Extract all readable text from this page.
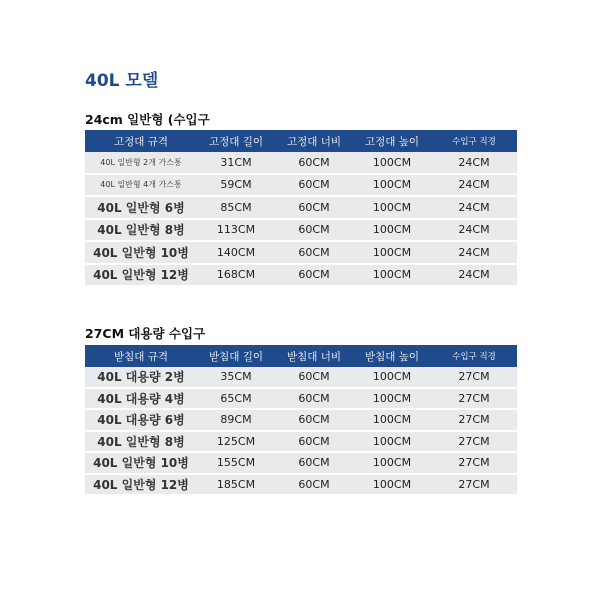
40L 모델
24cm 일반형 (수입구
고정대 규격	고정대 길이	고정대 너비	고정대 높이	수입구 직경
40L 일반형 2개 가스통	31CM	60CM	100CM	24CM
40L 일반형 4개 가스통	59CM	60CM	100CM	24CM
40L 일반형 6병	85CM	60CM	100CM	24CM
40L 일반형 8병	113CM	60CM	100CM	24CM
40L 일반형 10병	140CM	60CM	100CM	24CM
40L 일반형 12병	168CM	60CM	100CM	24CM
27CM 대용량 수입구
받침대 규격	받침대 길이	받침대 너비	받침대 높이	수입구 직경
40L 대용량 2병	35CM	60CM	100CM	27CM
40L 대용량 4병	65CM	60CM	100CM	27CM
40L 대용량 6병	89CM	60CM	100CM	27CM
40L 일반형 8병	125CM	60CM	100CM	27CM
40L 일반형 10병	155CM	60CM	100CM	27CM
40L 일반형 12병	185CM	60CM	100CM	27CM
